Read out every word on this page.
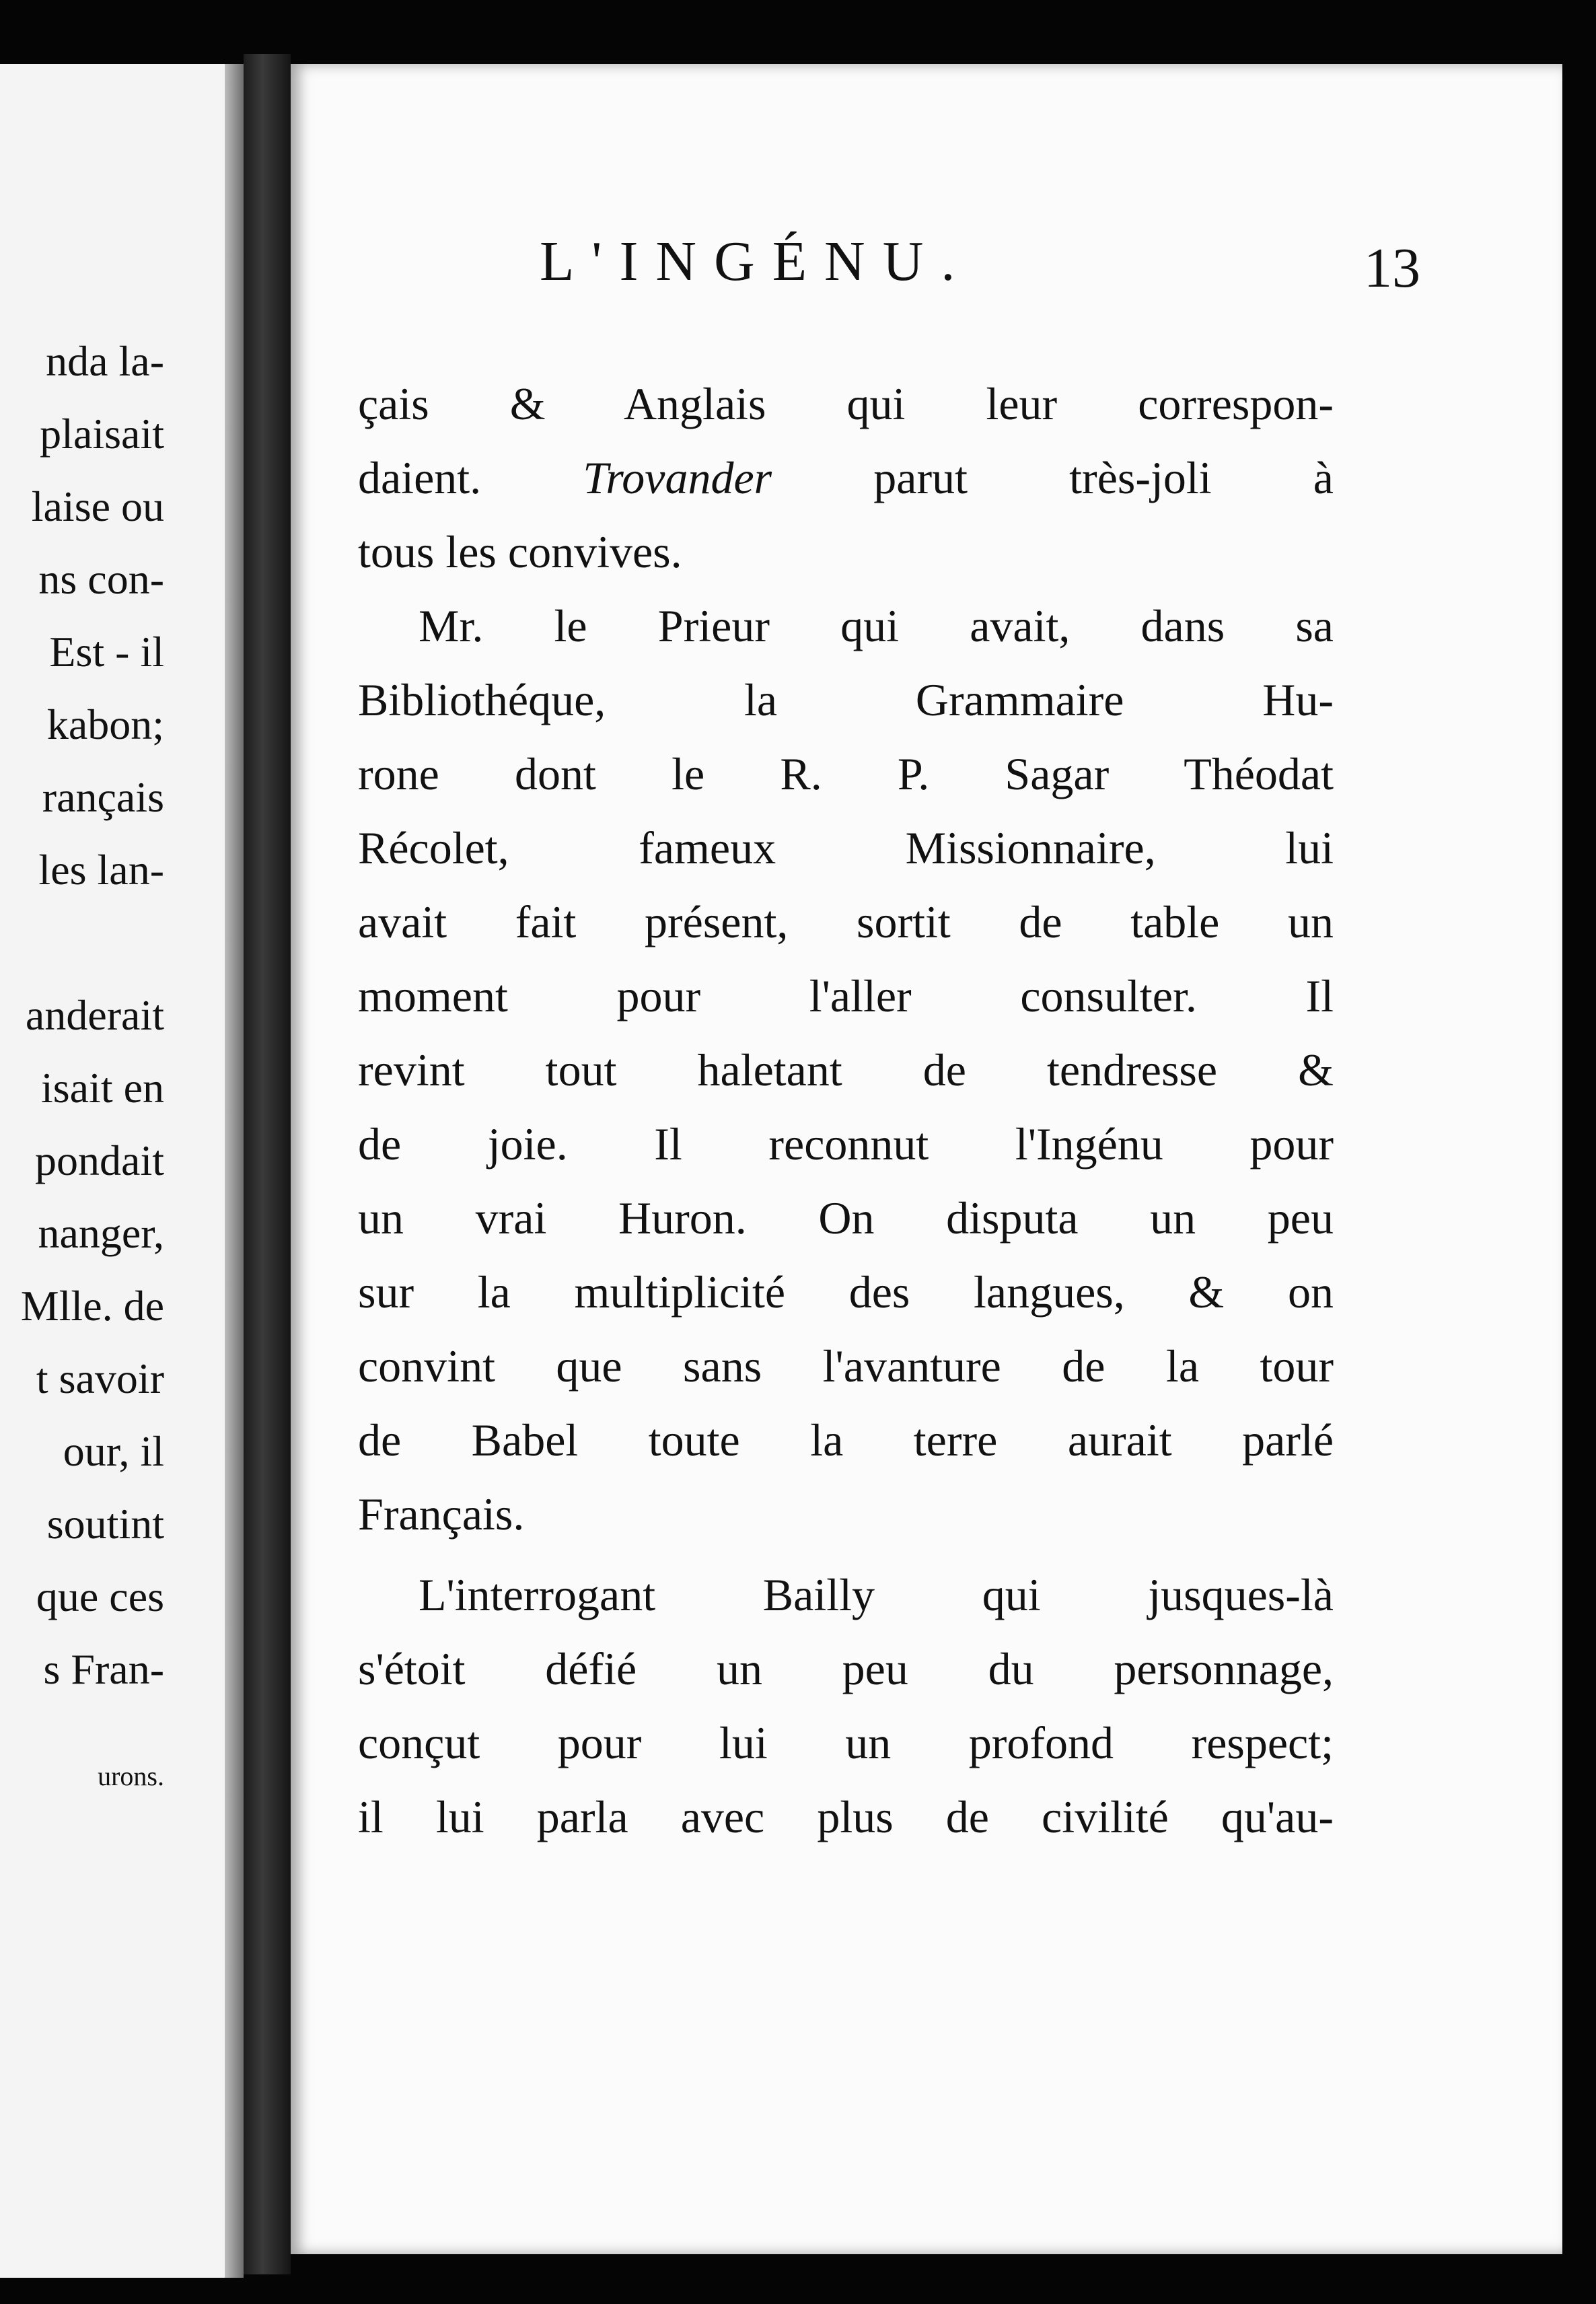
nda la-
plaisait
laise ou
ns con-
Est - il
kabon;
rançais
les lan-
anderait
isait en
pondait
nanger,
Mlle. de
t savoir
our, il
soutint
que ces
s Fran-
urons.
L'INGÉNU.	13
çais & Anglais qui leur correspon-
daient. Trovander parut très-joli à
tous les convives.
Mr. le Prieur qui avait, dans sa
Bibliothéque, la Grammaire Hu-
rone dont le R. P. Sagar Théodat
Récolet, fameux Missionnaire, lui
avait fait présent, sortit de table un
moment pour l'aller consulter. Il
revint tout haletant de tendresse &
de joie. Il reconnut l'Ingénu pour
un vrai Huron. On disputa un peu
sur la multiplicité des langues, & on
convint que sans l'avanture de la tour
de Babel toute la terre aurait parlé
Français.
L'interrogant Bailly qui jusques-là
s'étoit défié un peu du personnage,
conçut pour lui un profond respect;
il lui parla avec plus de civilité qu'au-
